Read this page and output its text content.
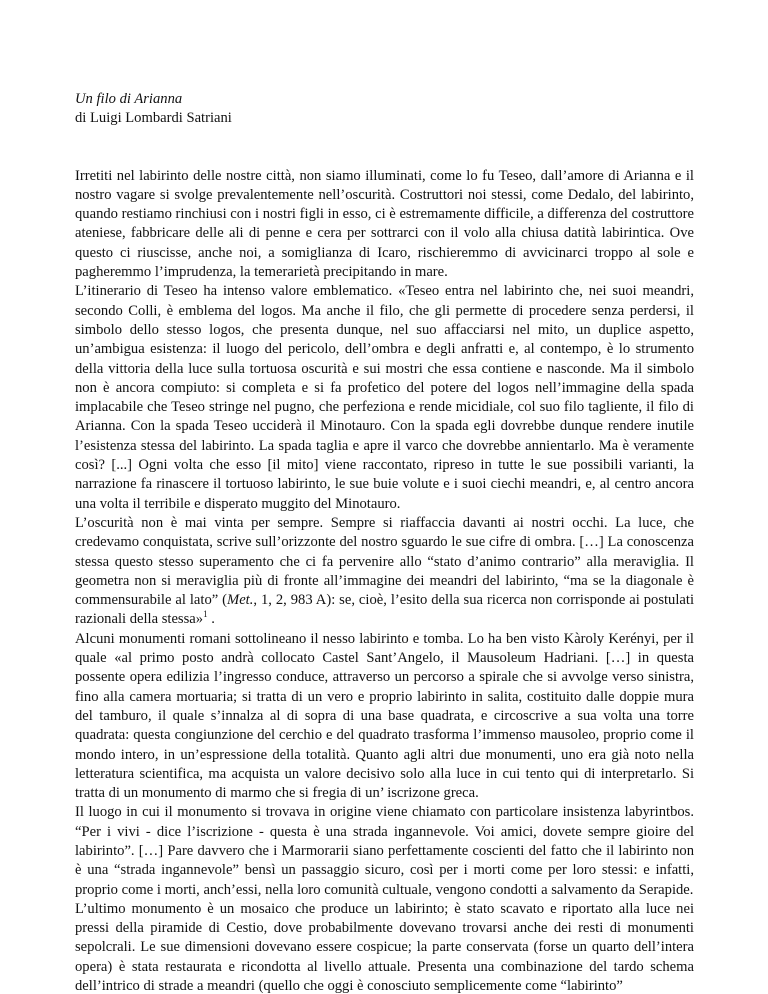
Un filo di Arianna

di Luigi Lombardi Satriani

Irretiti nel labirinto delle nostre città, non siamo illuminati, come lo fu Teseo, dall’amore di Arianna e il nostro vagare si svolge prevalentemente nell’oscurità. Costruttori noi stessi, come Dedalo, del labirinto, quando restiamo rinchiusi con i nostri figli in esso, ci è estremamente difficile, a differenza del costruttore ateniese, fabbricare delle ali di penne e cera per sottrarci con il volo alla chiusa datità labirintica. Ove questo ci riuscisse, anche noi, a somiglianza di Icaro, rischieremmo di avvicinarci troppo al sole e pagheremmo l’imprudenza, la temerarietà precipitando in mare.

L’itinerario di Teseo ha intenso valore emblematico. «Teseo entra nel labirinto che, nei suoi meandri, secondo Colli, è emblema del logos. Ma anche il filo, che gli permette di procedere senza perdersi, il simbolo dello stesso logos, che presenta dunque, nel suo affacciarsi nel mito, un duplice aspetto, un’ambigua esistenza: il luogo del pericolo, dell’ombra e degli anfratti e, al contempo, è lo strumento della vittoria della luce sulla tortuosa oscurità e sui mostri che essa contiene e nasconde. Ma il simbolo non è ancora compiuto: si completa e si fa profetico del potere del logos nell’immagine della spada implacabile che Teseo stringe nel pugno, che perfeziona e rende micidiale, col suo filo tagliente, il filo di Arianna. Con la spada Teseo ucciderà il Minotauro. Con la spada egli dovrebbe dunque rendere inutile l’esistenza stessa del labirinto. La spada taglia e apre il varco che dovrebbe annientarlo. Ma è veramente così? [...] Ogni volta che esso [il mito] viene raccontato, ripreso in tutte le sue possibili varianti, la narrazione fa rinascere il tortuoso labirinto, le sue buie volute e i suoi ciechi meandri, e, al centro ancora una volta il terribile e disperato muggito del Minotauro.

L’oscurità non è mai vinta per sempre. Sempre si riaffaccia davanti ai nostri occhi. La luce, che credevamo conquistata, scrive sull’orizzonte del nostro sguardo le sue cifre di ombra. […] La conoscenza stessa questo stesso superamento che ci fa pervenire allo “stato d’animo contrario” alla meraviglia. Il geometra non si meraviglia più di fronte all’immagine dei meandri del labirinto, “ma se la diagonale è commensurabile al lato” (Met., 1, 2, 983 A): se, cioè, l’esito della sua ricerca non corrisponde ai postulati razionali della stessa»$^1$ .

Alcuni monumenti romani sottolineano il nesso labirinto e tomba. Lo ha ben visto Kàroly Kerényi, per il quale «al primo posto andrà collocato Castel Sant’Angelo, il Mausoleum Hadriani. […] in questa possente opera edilizia l’ingresso conduce, attraverso un percorso a spirale che si avvolge verso sinistra, fino alla camera mortuaria; si tratta di un vero e proprio labirinto in salita, costituito dalle doppie mura del tamburo, il quale s’innalza al di sopra di una base quadrata, e circoscrive a sua volta una torre quadrata: questa congiunzione del cerchio e del quadrato trasforma l’immenso mausoleo, proprio come il mondo intero, in un’espressione della totalità. Quanto agli altri due monumenti, uno era già noto nella letteratura scientifica, ma acquista un valore decisivo solo alla luce in cui tento qui di interpretarlo. Si tratta di un monumento di marmo che si fregia di un’ iscrizone greca.

Il luogo in cui il monumento si trovava in origine viene chiamato con particolare insistenza labyrintbos. “Per i vivi - dice l’iscrizione - questa è una strada ingannevole. Voi amici, dovete sempre gioire del labirinto”. […] Pare davvero che i Marmorarii siano perfettamente coscienti del fatto che il labirinto non è una “strada ingannevole” bensì un passaggio sicuro, così per i morti come per loro stessi: e infatti, proprio come i morti, anch’essi, nella loro comunità cultuale, vengono condotti a salvamento da Serapide.

L’ultimo monumento è un mosaico che produce un labirinto; è stato scavato e riportato alla luce nei pressi della piramide di Cestio, dove probabilmente dovevano trovarsi anche dei resti di monumenti sepolcrali. Le sue dimensioni dovevano essere cospicue; la parte conservata (forse un quarto dell’intera opera) è stata restaurata e ricondotta al livello attuale. Presenta una combinazione del tardo schema dell’intrico di strade a meandri (quello che oggi è conosciuto semplicemente come “labirinto”
